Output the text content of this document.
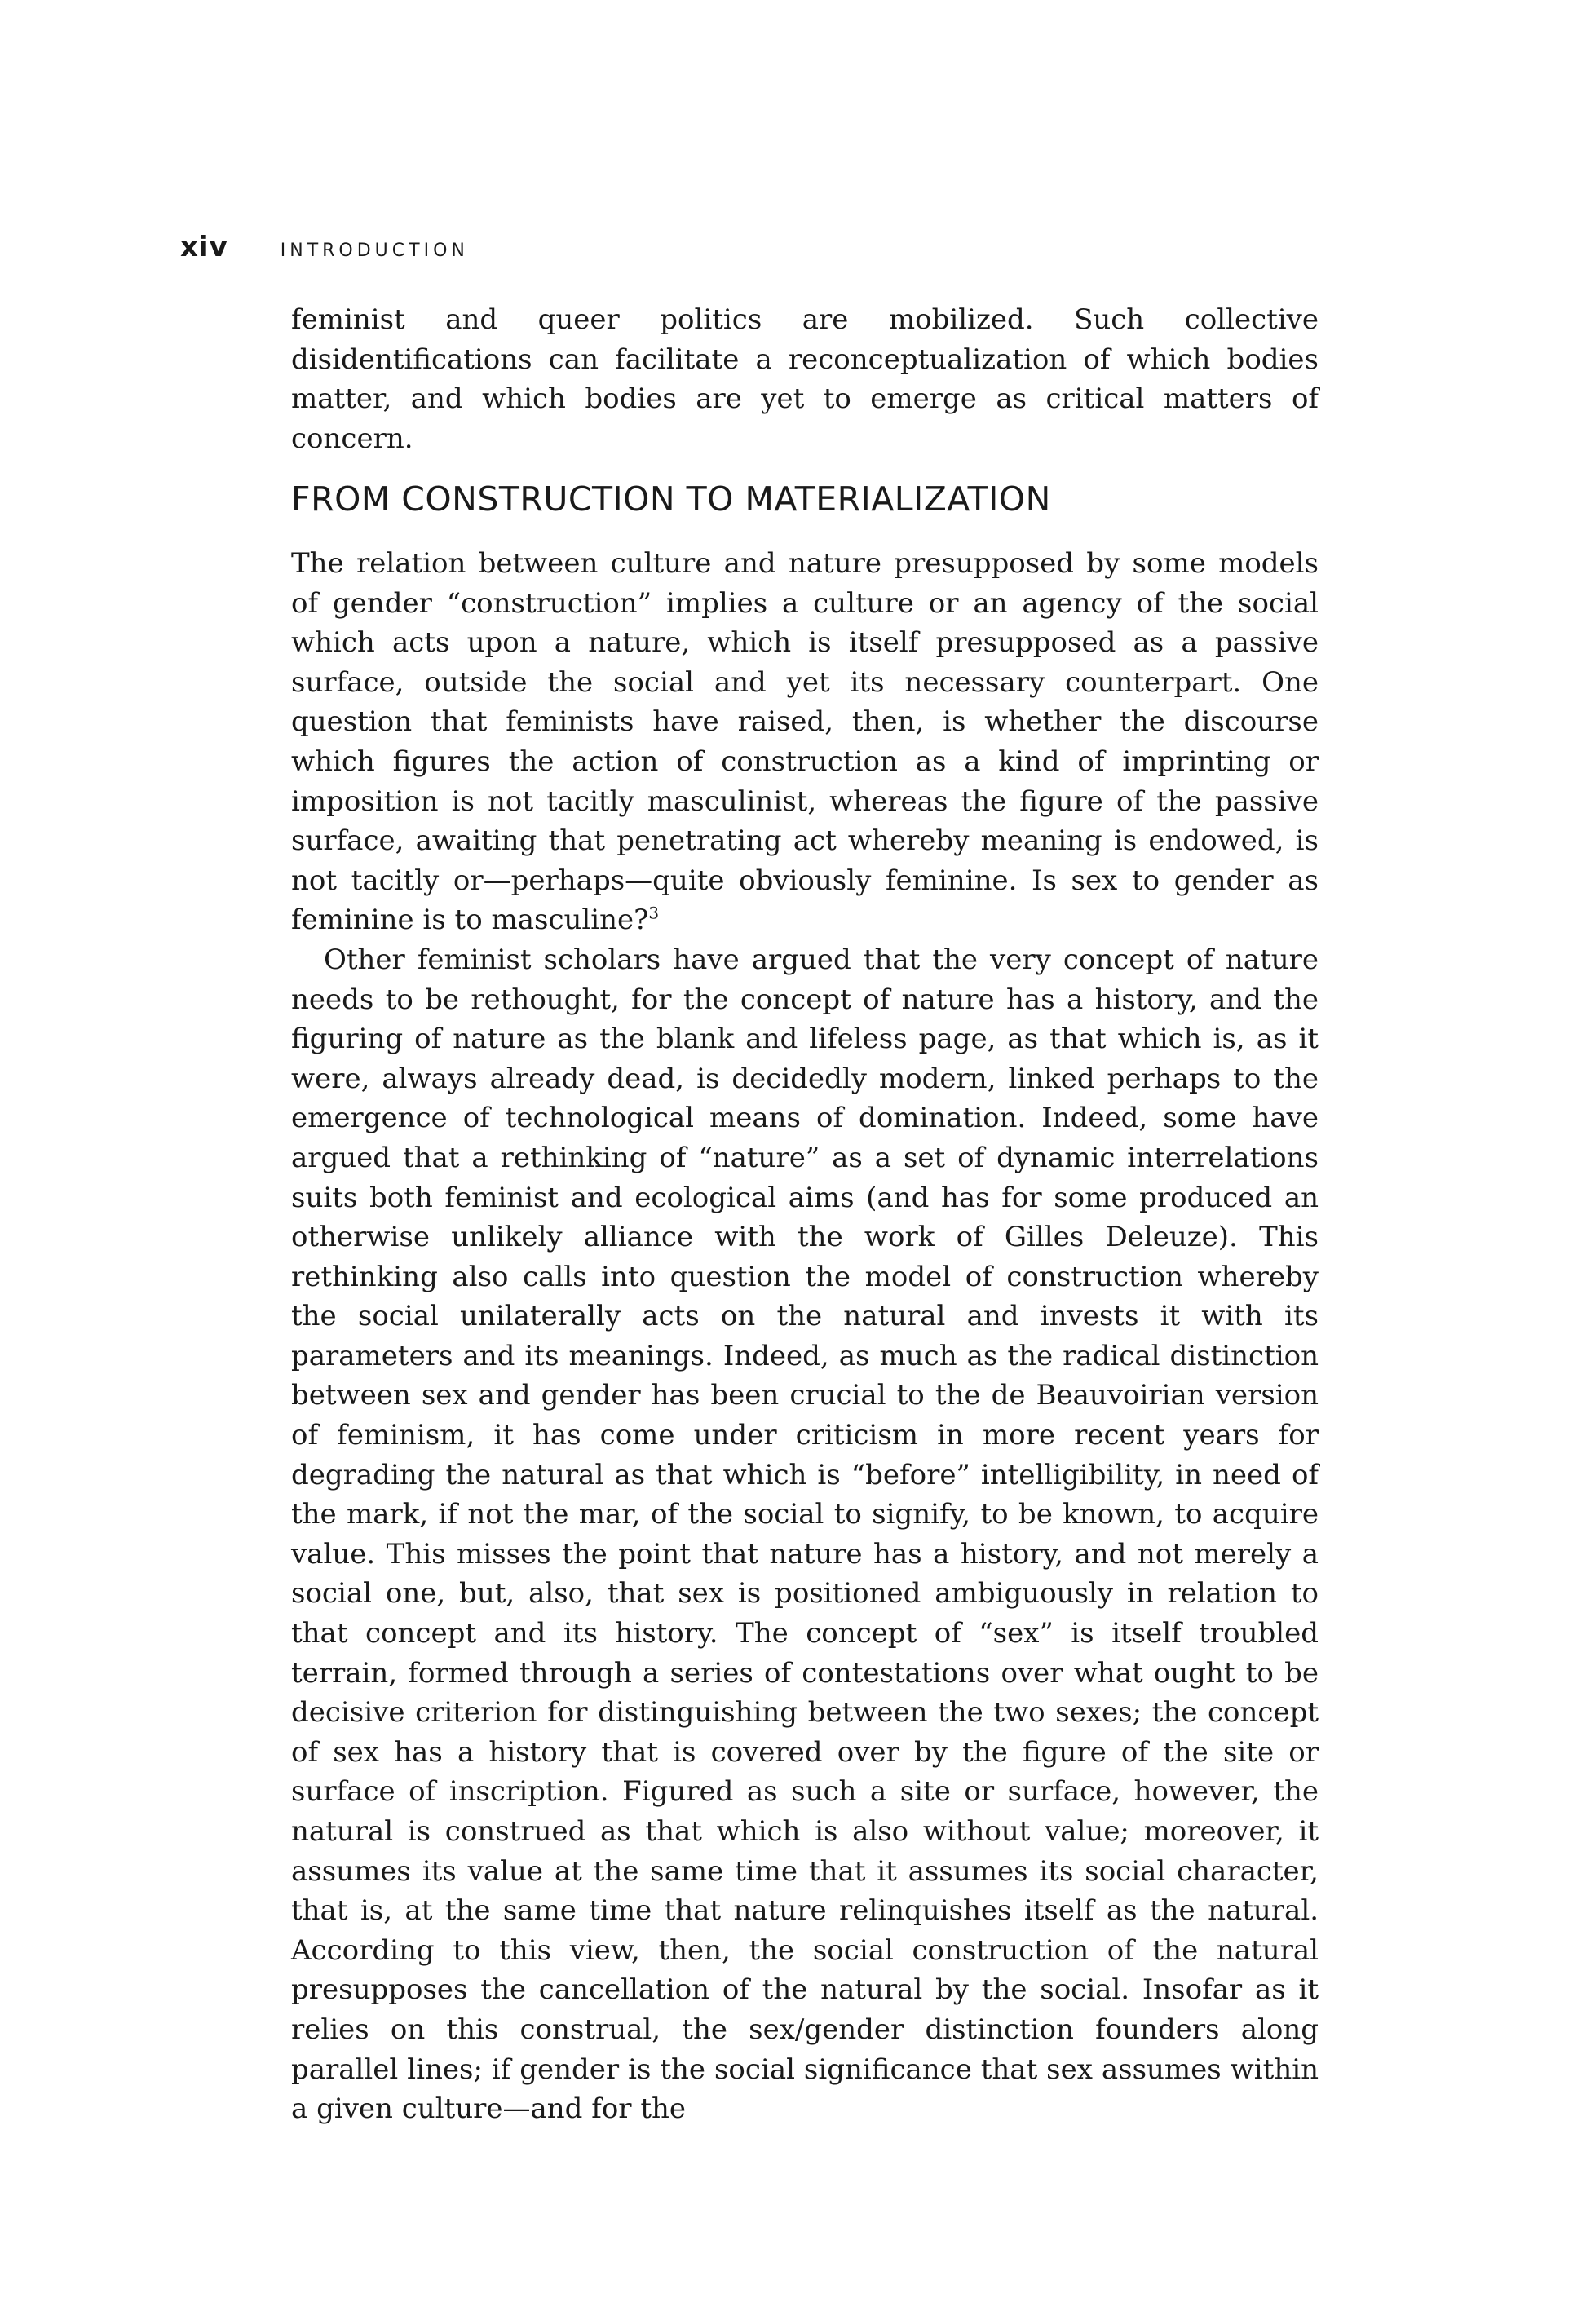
xiv	INTRODUCTION

feminist and queer politics are mobilized. Such collective disidentifications can facilitate a reconceptualization of which bodies matter, and which bodies are yet to emerge as critical matters of concern.

FROM CONSTRUCTION TO MATERIALIZATION

The relation between culture and nature presupposed by some models of gender “construction” implies a culture or an agency of the social which acts upon a nature, which is itself presupposed as a passive surface, outside the social and yet its necessary counterpart. One question that feminists have raised, then, is whether the discourse which figures the action of construction as a kind of imprinting or imposition is not tacitly masculinist, whereas the figure of the passive surface, awaiting that penetrating act whereby meaning is endowed, is not tacitly or—perhaps—quite obviously feminine. Is sex to gender as feminine is to masculine?$^3$

Other feminist scholars have argued that the very concept of nature needs to be rethought, for the concept of nature has a history, and the figuring of nature as the blank and lifeless page, as that which is, as it were, always already dead, is decidedly modern, linked perhaps to the emergence of technological means of domination. Indeed, some have argued that a rethinking of “nature” as a set of dynamic interrelations suits both feminist and ecological aims (and has for some produced an otherwise unlikely alliance with the work of Gilles Deleuze). This rethinking also calls into question the model of construction whereby the social unilaterally acts on the natural and invests it with its parameters and its meanings. Indeed, as much as the radical distinction between sex and gender has been crucial to the de Beauvoirian version of feminism, it has come under criticism in more recent years for degrading the natural as that which is “before” intelligibility, in need of the mark, if not the mar, of the social to signify, to be known, to acquire value. This misses the point that nature has a history, and not merely a social one, but, also, that sex is positioned ambiguously in relation to that concept and its history. The concept of “sex” is itself troubled terrain, formed through a series of contestations over what ought to be decisive criterion for distinguishing between the two sexes; the concept of sex has a history that is covered over by the figure of the site or surface of inscription. Figured as such a site or surface, however, the natural is construed as that which is also without value; moreover, it assumes its value at the same time that it assumes its social character, that is, at the same time that nature relinquishes itself as the natural. According to this view, then, the social construction of the natural presupposes the cancellation of the natural by the social. Insofar as it relies on this construal, the sex/gender distinction founders along parallel lines; if gender is the social significance that sex assumes within a given culture—and for the
